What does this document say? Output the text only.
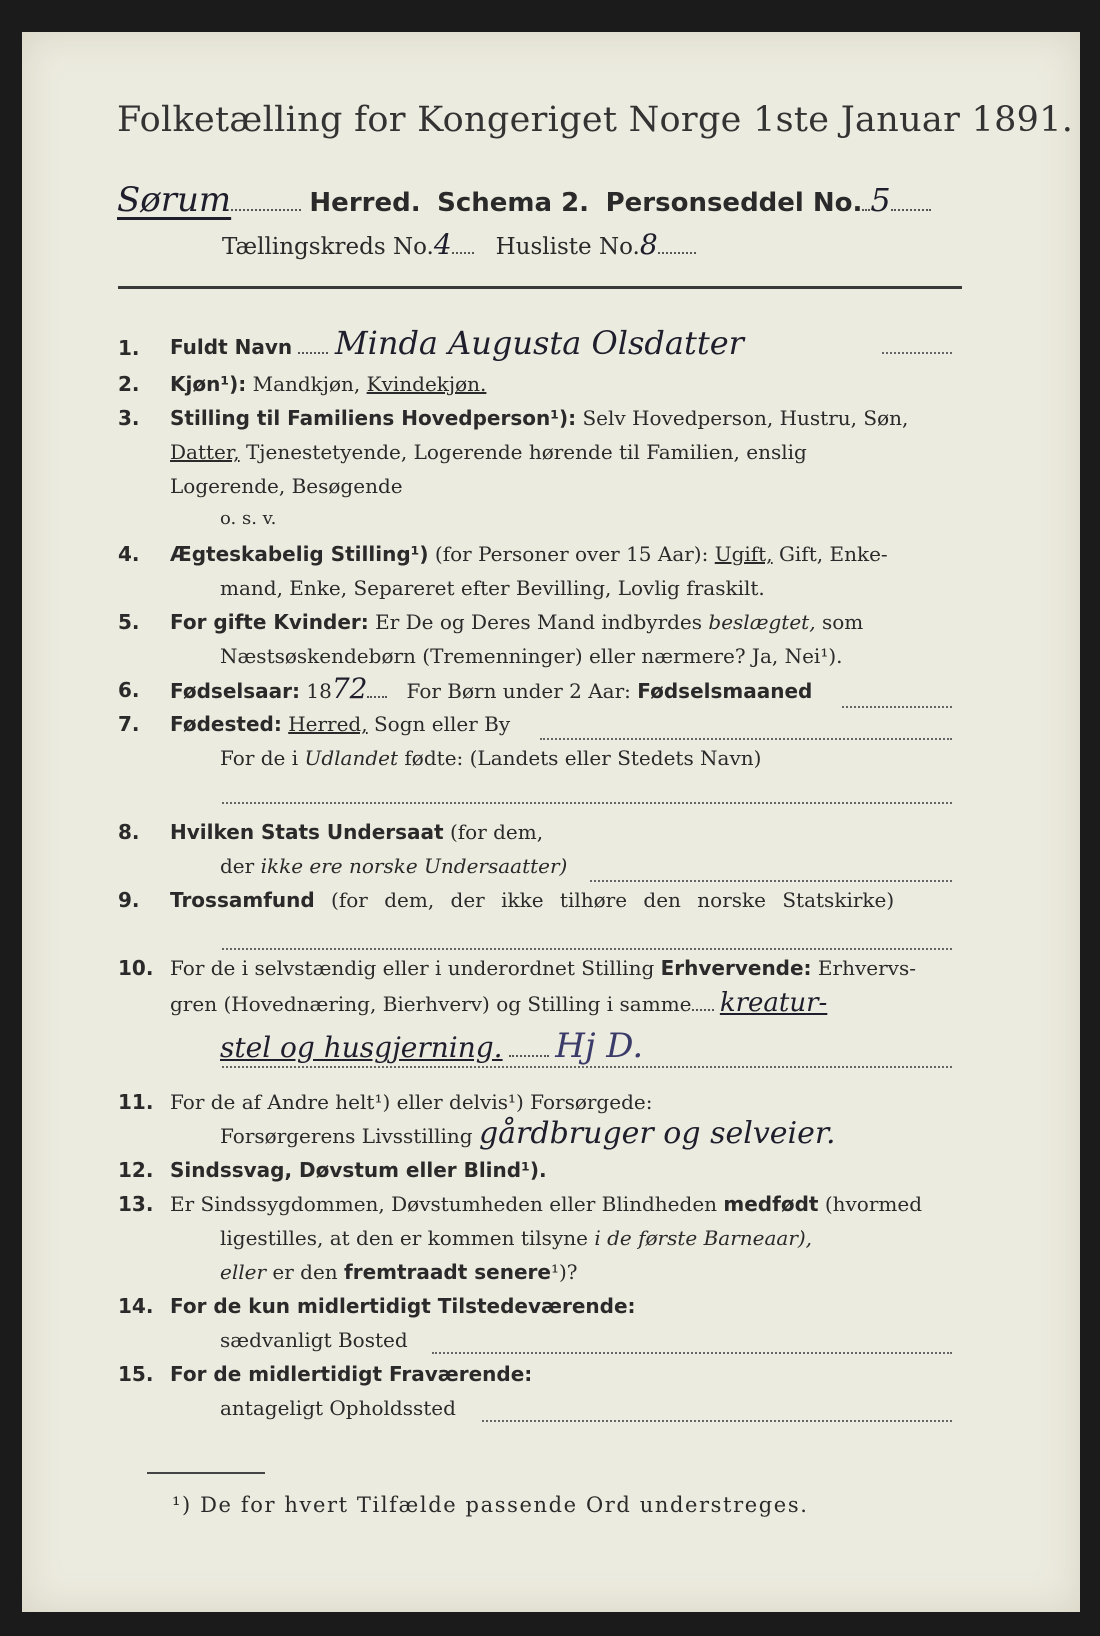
Folketælling for Kongeriget Norge 1ste Januar 1891.
Sørum	Herred. Schema 2. Personseddel No. 5
Tællingskreds No.4 Husliste No.8
1. Fuldt Navn Minda Augusta Olsdatter
2. Kjøn¹): Mandkjøn, Kvindekjøn.
3. Stilling til Familiens Hovedperson¹): Selv Hovedperson, Hustru, Søn,
Datter, Tjenestetyende, Logerende hørende til Familien, enslig
Logerende, Besøgende
o. s. v.
4. Ægteskabelig Stilling¹) (for Personer over 15 Aar): Ugift, Gift, Enke-
mand, Enke, Separeret efter Bevilling, Lovlig fraskilt.
5. For gifte Kvinder: Er De og Deres Mand indbyrdes beslægtet, som
Næstsøskendebørn (Tremenninger) eller nærmere? Ja, Nei¹).
6. Fødselsaar: 1872 For Børn under 2 Aar: Fødselsmaaned
7. Fødested: Herred, Sogn eller By
For de i Udlandet fødte: (Landets eller Stedets Navn)
8. Hvilken Stats Undersaat (for dem,
der ikke ere norske Undersaatter)
9. Trossamfund (for dem, der ikke tilhøre den norske Statskirke)
10. For de i selvstændig eller i underordnet Stilling Erhvervende: Erhvervs-
gren (Hovednæring, Bierhverv) og Stilling i samme kreatur-
stel og husgjerning. Hj D.
11. For de af Andre helt¹) eller delvis¹) Forsørgede:
Forsørgerens Livsstilling gårdbruger og selveier.
12. Sindssvag, Døvstum eller Blind¹).
13. Er Sindssygdommen, Døvstumheden eller Blindheden medfødt (hvormed
ligestilles, at den er kommen tilsyne i de første Barneaar),
eller er den fremtraadt senere¹)?
14. For de kun midlertidigt Tilstedeværende:
sædvanligt Bosted
15. For de midlertidigt Fraværende:
antageligt Opholdssted
¹) De for hvert Tilfælde passende Ord understreges.
